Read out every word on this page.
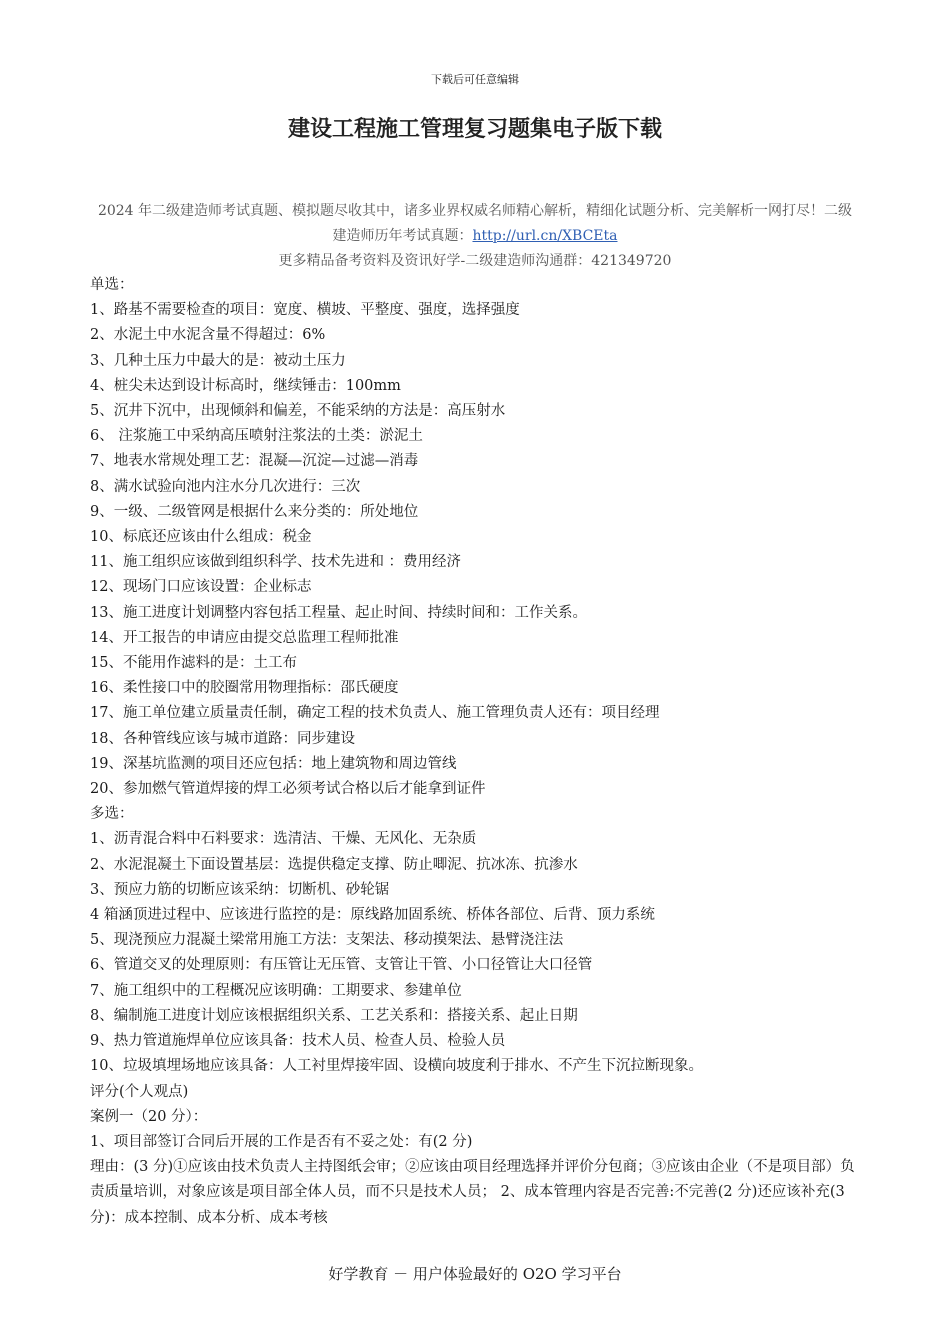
下载后可任意编辑
建设工程施工管理复习题集电子版下载

2024 年二级建造师考试真题、模拟题尽收其中，诸多业界权威名师精心解析，精细化试题分析、完美解析一网打尽！二级建造师历年考试真题：http://url.cn/XBCEta

更多精品备考资料及资讯好学-二级建造师沟通群：421349720

单选：
1、路基不需要检查的项目：宽度、横坡、平整度、强度，选择强度
2、水泥土中水泥含量不得超过：6%
3、几种土压力中最大的是：被动土压力
4、桩尖未达到设计标高时，继续锤击：100mm
5、沉井下沉中，出现倾斜和偏差，不能采纳的方法是：高压射水
6、 注浆施工中采纳高压喷射注浆法的土类：淤泥土
7、地表水常规处理工艺：混凝—沉淀—过滤—消毒
8、满水试验向池内注水分几次进行：三次
9、一级、二级管网是根据什么来分类的：所处地位
10、标底还应该由什么组成：税金
11、施工组织应该做到组织科学、技术先进和 ：费用经济
12、现场门口应该设置：企业标志
13、施工进度计划调整内容包括工程量、起止时间、持续时间和：工作关系。
14、开工报告的申请应由提交总监理工程师批准
15、不能用作滤料的是：土工布
16、柔性接口中的胶圈常用物理指标：邵氏硬度
17、施工单位建立质量责任制，确定工程的技术负责人、施工管理负责人还有：项目经理
18、各种管线应该与城市道路：同步建设
19、深基坑监测的项目还应包括：地上建筑物和周边管线
20、参加燃气管道焊接的焊工必须考试合格以后才能拿到证件
多选：
1、沥青混合料中石料要求：选清洁、干燥、无风化、无杂质
2、水泥混凝土下面设置基层：选提供稳定支撑、防止唧泥、抗冰冻、抗渗水
3、预应力筋的切断应该采纳：切断机、砂轮锯
4 箱涵顶进过程中、应该进行监控的是：原线路加固系统、桥体各部位、后背、顶力系统
5、现浇预应力混凝土梁常用施工方法：支架法、移动摸架法、悬臂浇注法
6、管道交叉的处理原则：有压管让无压管、支管让干管、小口径管让大口径管
7、施工组织中的工程概况应该明确：工期要求、参建单位
8、编制施工进度计划应该根据组织关系、工艺关系和：搭接关系、起止日期
9、热力管道施焊单位应该具备：技术人员、检查人员、检验人员
10、垃圾填埋场地应该具备：人工衬里焊接牢固、设横向坡度利于排水、不产生下沉拉断现象。
评分(个人观点)
案例一（20 分）：
1、项目部签订合同后开展的工作是否有不妥之处：有(2 分)
理由：(3 分)①应该由技术负责人主持图纸会审；②应该由项目经理选择并评价分包商；③应该由企业（不是项目部）负责质量培训，对象应该是项目部全体人员，而不只是技术人员； 2、成本管理内容是否完善:不完善(2 分)还应该补充(3 分)：成本控制、成本分析、成本考核
好学教育 － 用户体验最好的 O2O 学习平台
